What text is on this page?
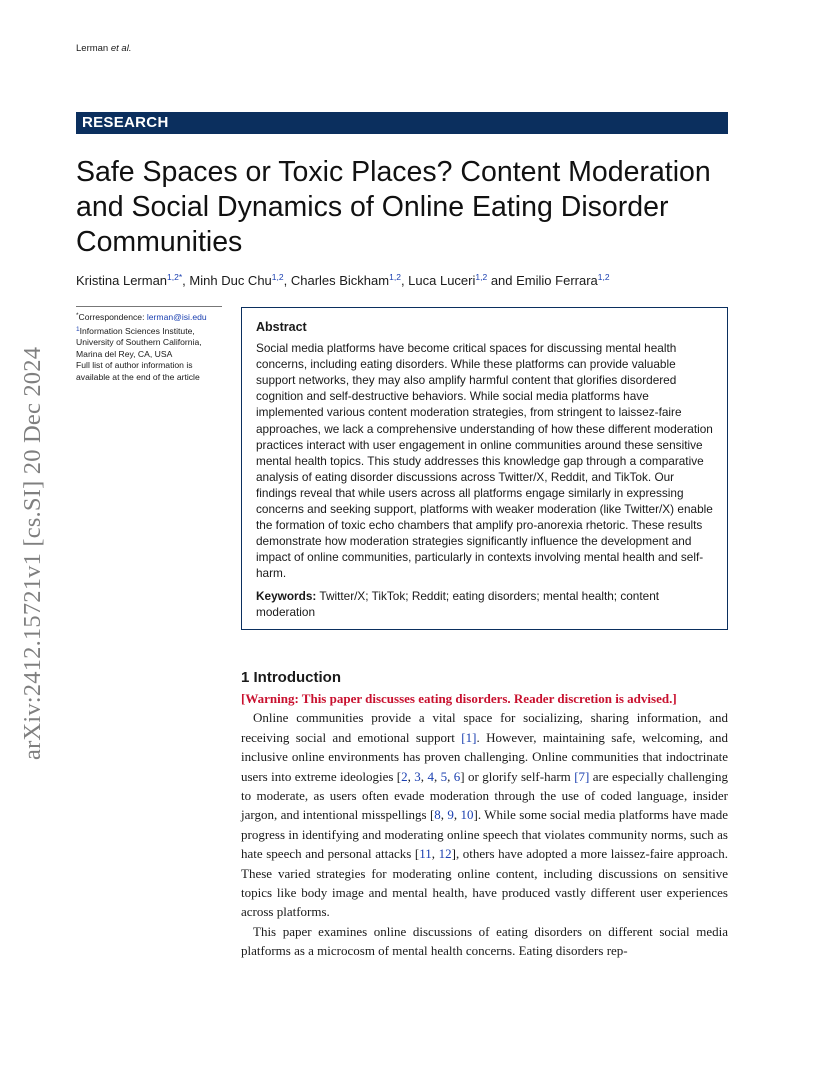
Lerman et al.
RESEARCH
Safe Spaces or Toxic Places? Content Moderation and Social Dynamics of Online Eating Disorder Communities
Kristina Lerman$^{1,2*}$, Minh Duc Chu$^{1,2}$, Charles Bickham$^{1,2}$, Luca Luceri$^{1,2}$ and Emilio Ferrara$^{1,2}$
arXiv:2412.15721v1 [cs.SI] 20 Dec 2024
*Correspondence: lerman@isi.edu
$^1$Information Sciences Institute, University of Southern California, Marina del Rey, CA, USA
Full list of author information is available at the end of the article
Abstract

Social media platforms have become critical spaces for discussing mental health concerns, including eating disorders. While these platforms can provide valuable support networks, they may also amplify harmful content that glorifies disordered cognition and self-destructive behaviors. While social media platforms have implemented various content moderation strategies, from stringent to laissez-faire approaches, we lack a comprehensive understanding of how these different moderation practices interact with user engagement in online communities around these sensitive mental health topics. This study addresses this knowledge gap through a comparative analysis of eating disorder discussions across Twitter/X, Reddit, and TikTok. Our findings reveal that while users across all platforms engage similarly in expressing concerns and seeking support, platforms with weaker moderation (like Twitter/X) enable the formation of toxic echo chambers that amplify pro-anorexia rhetoric. These results demonstrate how moderation strategies significantly influence the development and impact of online communities, particularly in contexts involving mental health and self-harm.

Keywords: Twitter/X; TikTok; Reddit; eating disorders; mental health; content moderation
1 Introduction

[Warning: This paper discusses eating disorders. Reader discretion is advised.]

Online communities provide a vital space for socializing, sharing information, and receiving social and emotional support [1]. However, maintaining safe, welcoming, and inclusive online environments has proven challenging. Online communities that indoctrinate users into extreme ideologies [2, 3, 4, 5, 6] or glorify self-harm [7] are especially challenging to moderate, as users often evade moderation through the use of coded language, insider jargon, and intentional misspellings [8, 9, 10]. While some social media platforms have made progress in identifying and moderating online speech that violates community norms, such as hate speech and personal attacks [11, 12], others have adopted a more laissez-faire approach. These varied strategies for moderating online content, including discussions on sensitive topics like body image and mental health, have produced vastly different user experiences across platforms.

This paper examines online discussions of eating disorders on different social media platforms as a microcosm of mental health concerns. Eating disorders rep-
